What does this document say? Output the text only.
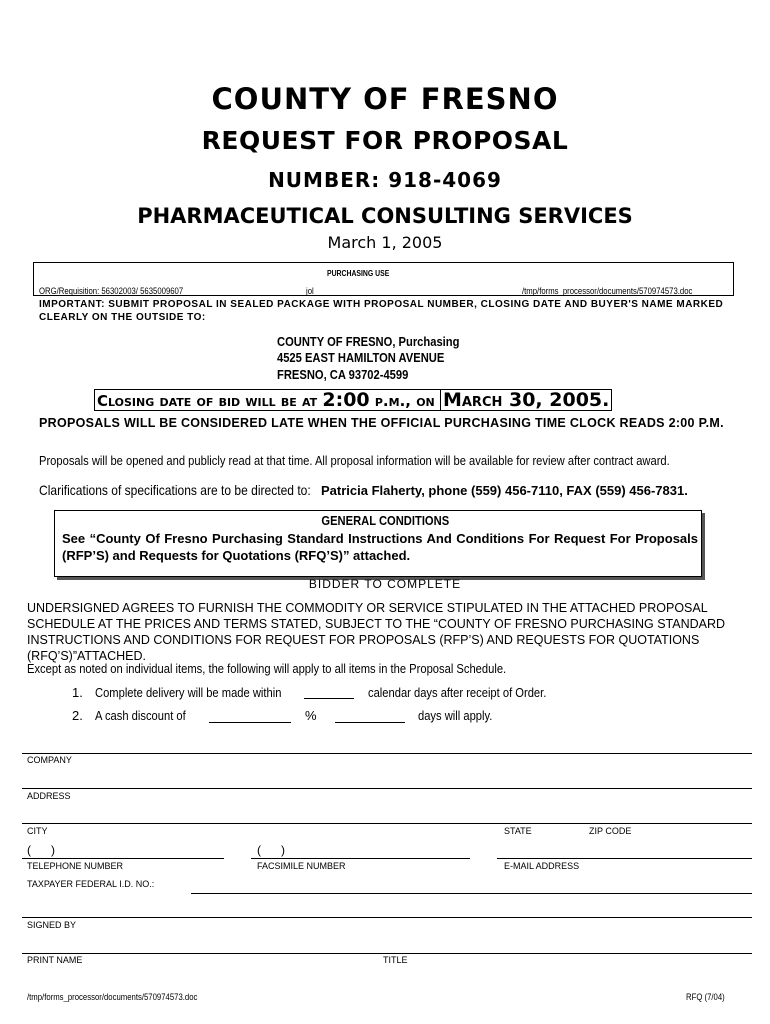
COUNTY OF FRESNO
REQUEST FOR PROPOSAL
NUMBER: 918-4069
PHARMACEUTICAL CONSULTING SERVICES
March 1, 2005
PURCHASING USE
ORG/Requisition: 56302003/ 5635009607	jol	/tmp/forms_processor/documents/570974573.doc
IMPORTANT: SUBMIT PROPOSAL IN SEALED PACKAGE WITH PROPOSAL NUMBER, CLOSING DATE AND BUYER'S NAME MARKED CLEARLY ON THE OUTSIDE TO:
COUNTY OF FRESNO, Purchasing
4525 EAST HAMILTON AVENUE
FRESNO, CA 93702-4599
Closing date of bid will be at 2:00 p.m., on March 30, 2005.
PROPOSALS WILL BE CONSIDERED LATE WHEN THE OFFICIAL PURCHASING TIME CLOCK READS 2:00 P.M.
Proposals will be opened and publicly read at that time. All proposal information will be available for review after contract award.
Clarifications of specifications are to be directed to:Patricia Flaherty, phone (559) 456-7110, FAX (559) 456-7831.
GENERAL CONDITIONS
See “County Of Fresno Purchasing Standard Instructions And Conditions For Request For Proposals (RFP’S) and Requests for Quotations (RFQ’S)” attached.
BIDDER TO COMPLETE
UNDERSIGNED AGREES TO FURNISH THE COMMODITY OR SERVICE STIPULATED IN THE ATTACHED PROPOSAL SCHEDULE AT THE PRICES AND TERMS STATED, SUBJECT TO THE “COUNTY OF FRESNO PURCHASING STANDARD INSTRUCTIONS AND CONDITIONS FOR REQUEST FOR PROPOSALS (RFP’S) AND REQUESTS FOR QUOTATIONS (RFQ’S)”ATTACHED.
Except as noted on individual items, the following will apply to all items in the Proposal Schedule.
1. Complete delivery will be made within	calendar days after receipt of Order.
2. A cash discount of	%	days will apply.
COMPANY
ADDRESS
CITY	STATE	ZIP CODE
(      )	(      )
TELEPHONE NUMBER	FACSIMILE NUMBER	E-MAIL ADDRESS
TAXPAYER FEDERAL I.D. NO.:
SIGNED BY
PRINT NAME	TITLE
/tmp/forms_processor/documents/570974573.doc	RFQ (7/04)
